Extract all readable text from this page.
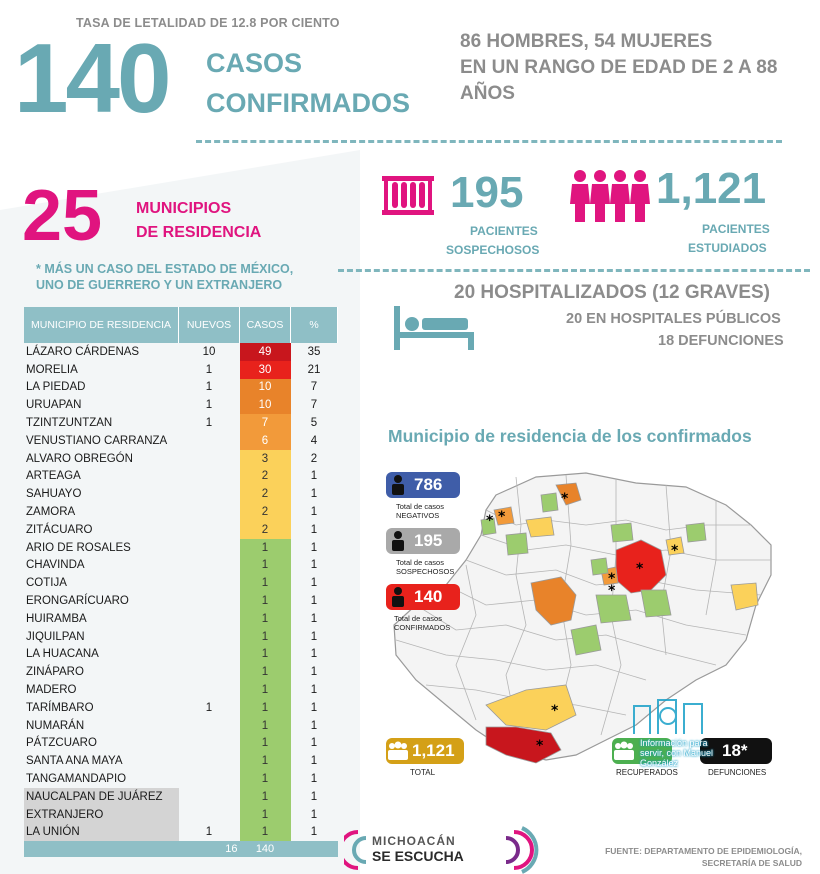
TASA DE LETALIDAD DE 12.8 POR CIENTO
140 CASOS
CONFIRMADOS
86 HOMBRES, 54 MUJERES
EN UN RANGO DE EDAD DE 2 A 88
AÑOS
25 MUNICIPIOS
DE RESIDENCIA
* MÁS UN CASO DEL ESTADO DE MÉXICO,
UNO DE GUERRERO Y UN EXTRANJERO
195
PACIENTES
SOSPECHOSOS
1,121
PACIENTES
ESTUDIADOS
20 HOSPITALIZADOS (12 GRAVES)
20 EN HOSPITALES PÚBLICOS
18 DEFUNCIONES
MUNICIPIO DE RESIDENCIA	NUEVOS	CASOS	%
LÁZARO CÁRDENAS	10	49	35
MORELIA	1	30	21
LA PIEDAD	1	10	7
URUAPAN	1	10	7
TZINTZUNTZAN	1	7	5
VENUSTIANO CARRANZA		6	4
ALVARO OBREGÓN		3	2
ARTEAGA		2	1
SAHUAYO		2	1
ZAMORA		2	1
ZITÁCUARO		2	1
ARIO DE ROSALES		1	1
CHAVINDA		1	1
COTIJA		1	1
ERONGARÍCUARO		1	1
HUIRAMBA		1	1
JIQUILPAN		1	1
LA HUACANA		1	1
ZINÁPARO		1	1
MADERO		1	1
TARÍMBARO	1	1	1
NUMARÁN		1	1
PÁTZCUARO		1	1
SANTA ANA MAYA		1	1
TANGAMANDAPIO		1	1
NAUCALPAN DE JUÁREZ		1	1
EXTRANJERO		1	1
LA UNIÓN	1	1	1
	16	140	
Municipio de residencia de los confirmados
*
* *
*
*
*
*
*
*
786
Total de casos
NEGATIVOS
195
Total de casos
SOSPECHOSOS
140
Total de casos
CONFIRMADOS
1,121
TOTAL	RECUPERADOS
18*
DEFUNCIONES
Información para
servir, con Manuel
González
MICHOACÁN
SE ESCUCHA	FUENTE: DEPARTAMENTO DE EPIDEMIOLOGÍA,
SECRETARÍA DE SALUD
